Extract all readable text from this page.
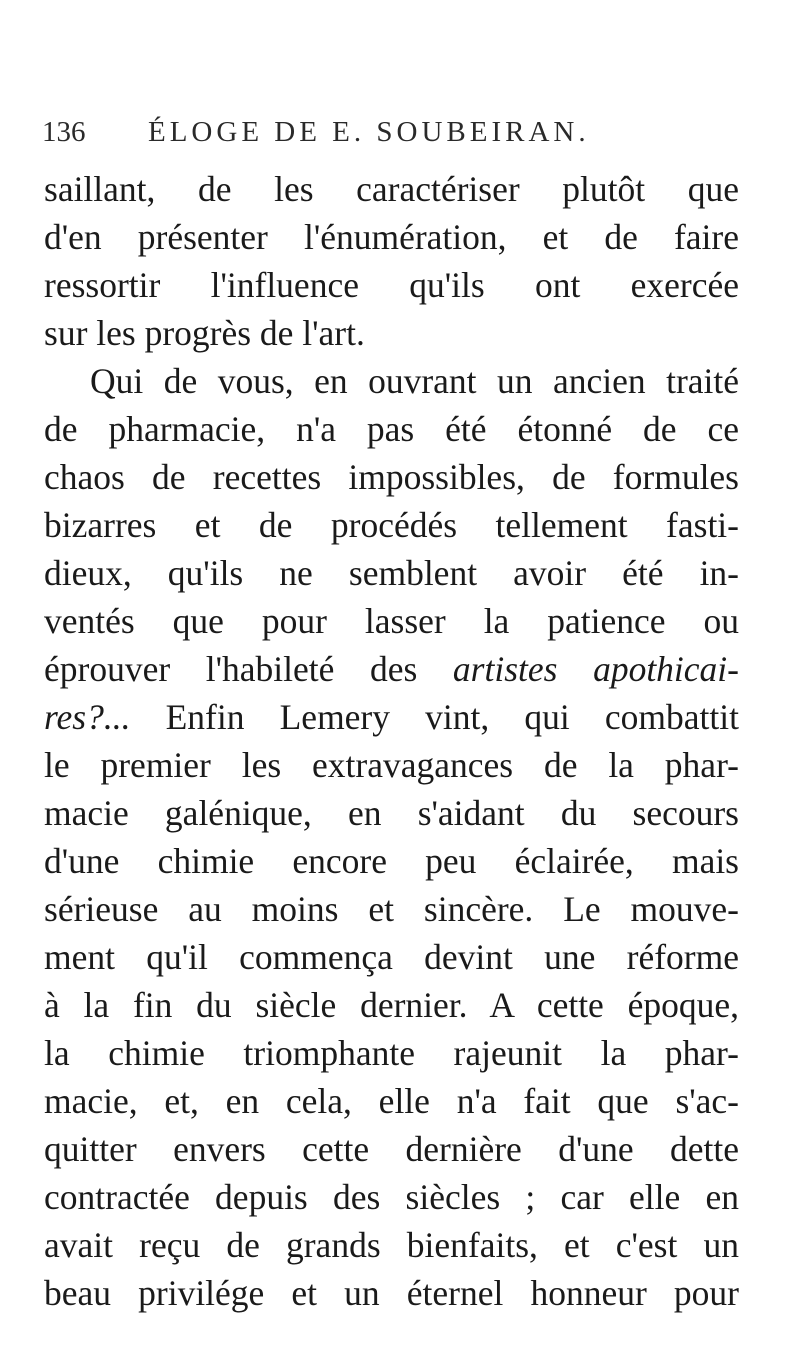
136 ÉLOGE DE E. SOUBEIRAN.
saillant, de les caractériser plutôt que
d'en présenter l'énumération, et de faire
ressortir l'influence qu'ils ont exercée
sur les progrès de l'art.
Qui de vous, en ouvrant un ancien traité
de pharmacie, n'a pas été étonné de ce
chaos de recettes impossibles, de formules
bizarres et de procédés tellement fasti-
dieux, qu'ils ne semblent avoir été in-
ventés que pour lasser la patience ou
éprouver l'habileté des artistes apothicai-
res?... Enfin Lemery vint, qui combattit
le premier les extravagances de la phar-
macie galénique, en s'aidant du secours
d'une chimie encore peu éclairée, mais
sérieuse au moins et sincère. Le mouve-
ment qu'il commença devint une réforme
à la fin du siècle dernier. A cette époque,
la chimie triomphante rajeunit la phar-
macie, et, en cela, elle n'a fait que s'ac-
quitter envers cette dernière d'une dette
contractée depuis des siècles ; car elle en
avait reçu de grands bienfaits, et c'est un
beau privilége et un éternel honneur pour
